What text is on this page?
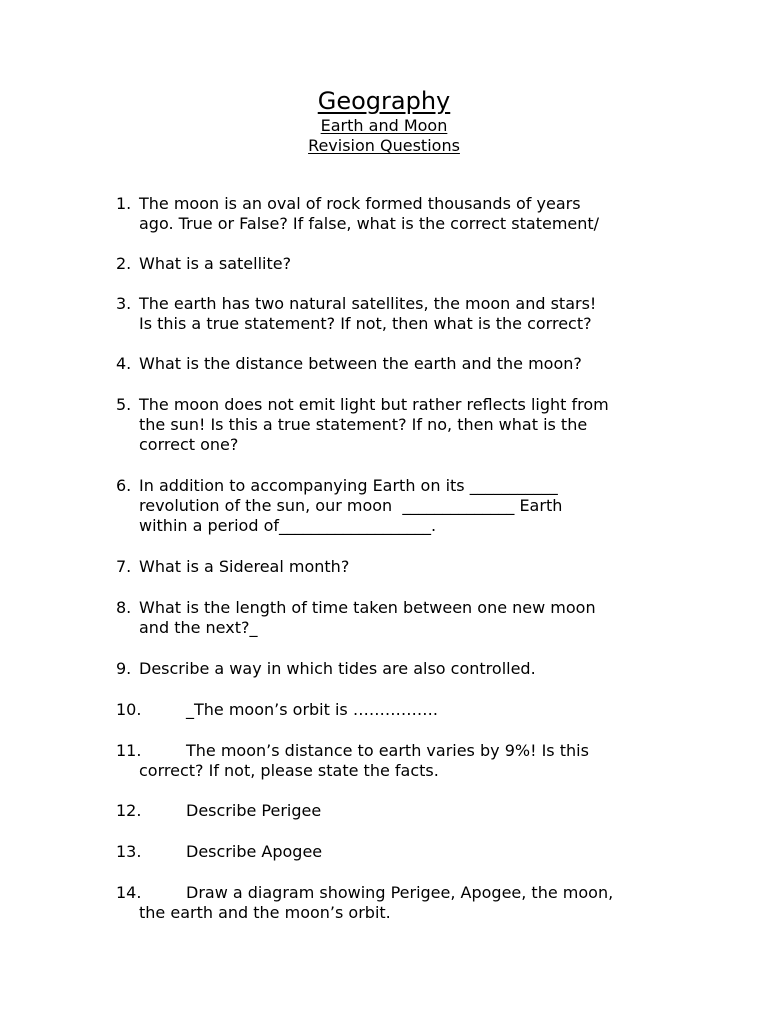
Geography
Earth and Moon
Revision Questions
1. The moon is an oval of rock formed thousands of years
ago. True or False? If false, what is the correct statement/
2. What is a satellite?
3. The earth has two natural satellites, the moon and stars!
Is this a true statement? If not, then what is the correct?
4. What is the distance between the earth and the moon?
5. The moon does not emit light but rather reflects light from
the sun! Is this a true statement? If no, then what is the
correct one?
6. In addition to accompanying Earth on its ___________
revolution of the sun, our moon  ______________ Earth
within a period of___________________.
7. What is a Sidereal month?
8. What is the length of time taken between one new moon
and the next?_
9. Describe a way in which tides are also controlled.
10.	_The moon’s orbit is …………….
11.	The moon’s distance to earth varies by 9%! Is this
correct? If not, please state the facts.
12.	Describe Perigee
13.	Describe Apogee
14.	Draw a diagram showing Perigee, Apogee, the moon,
the earth and the moon’s orbit.
